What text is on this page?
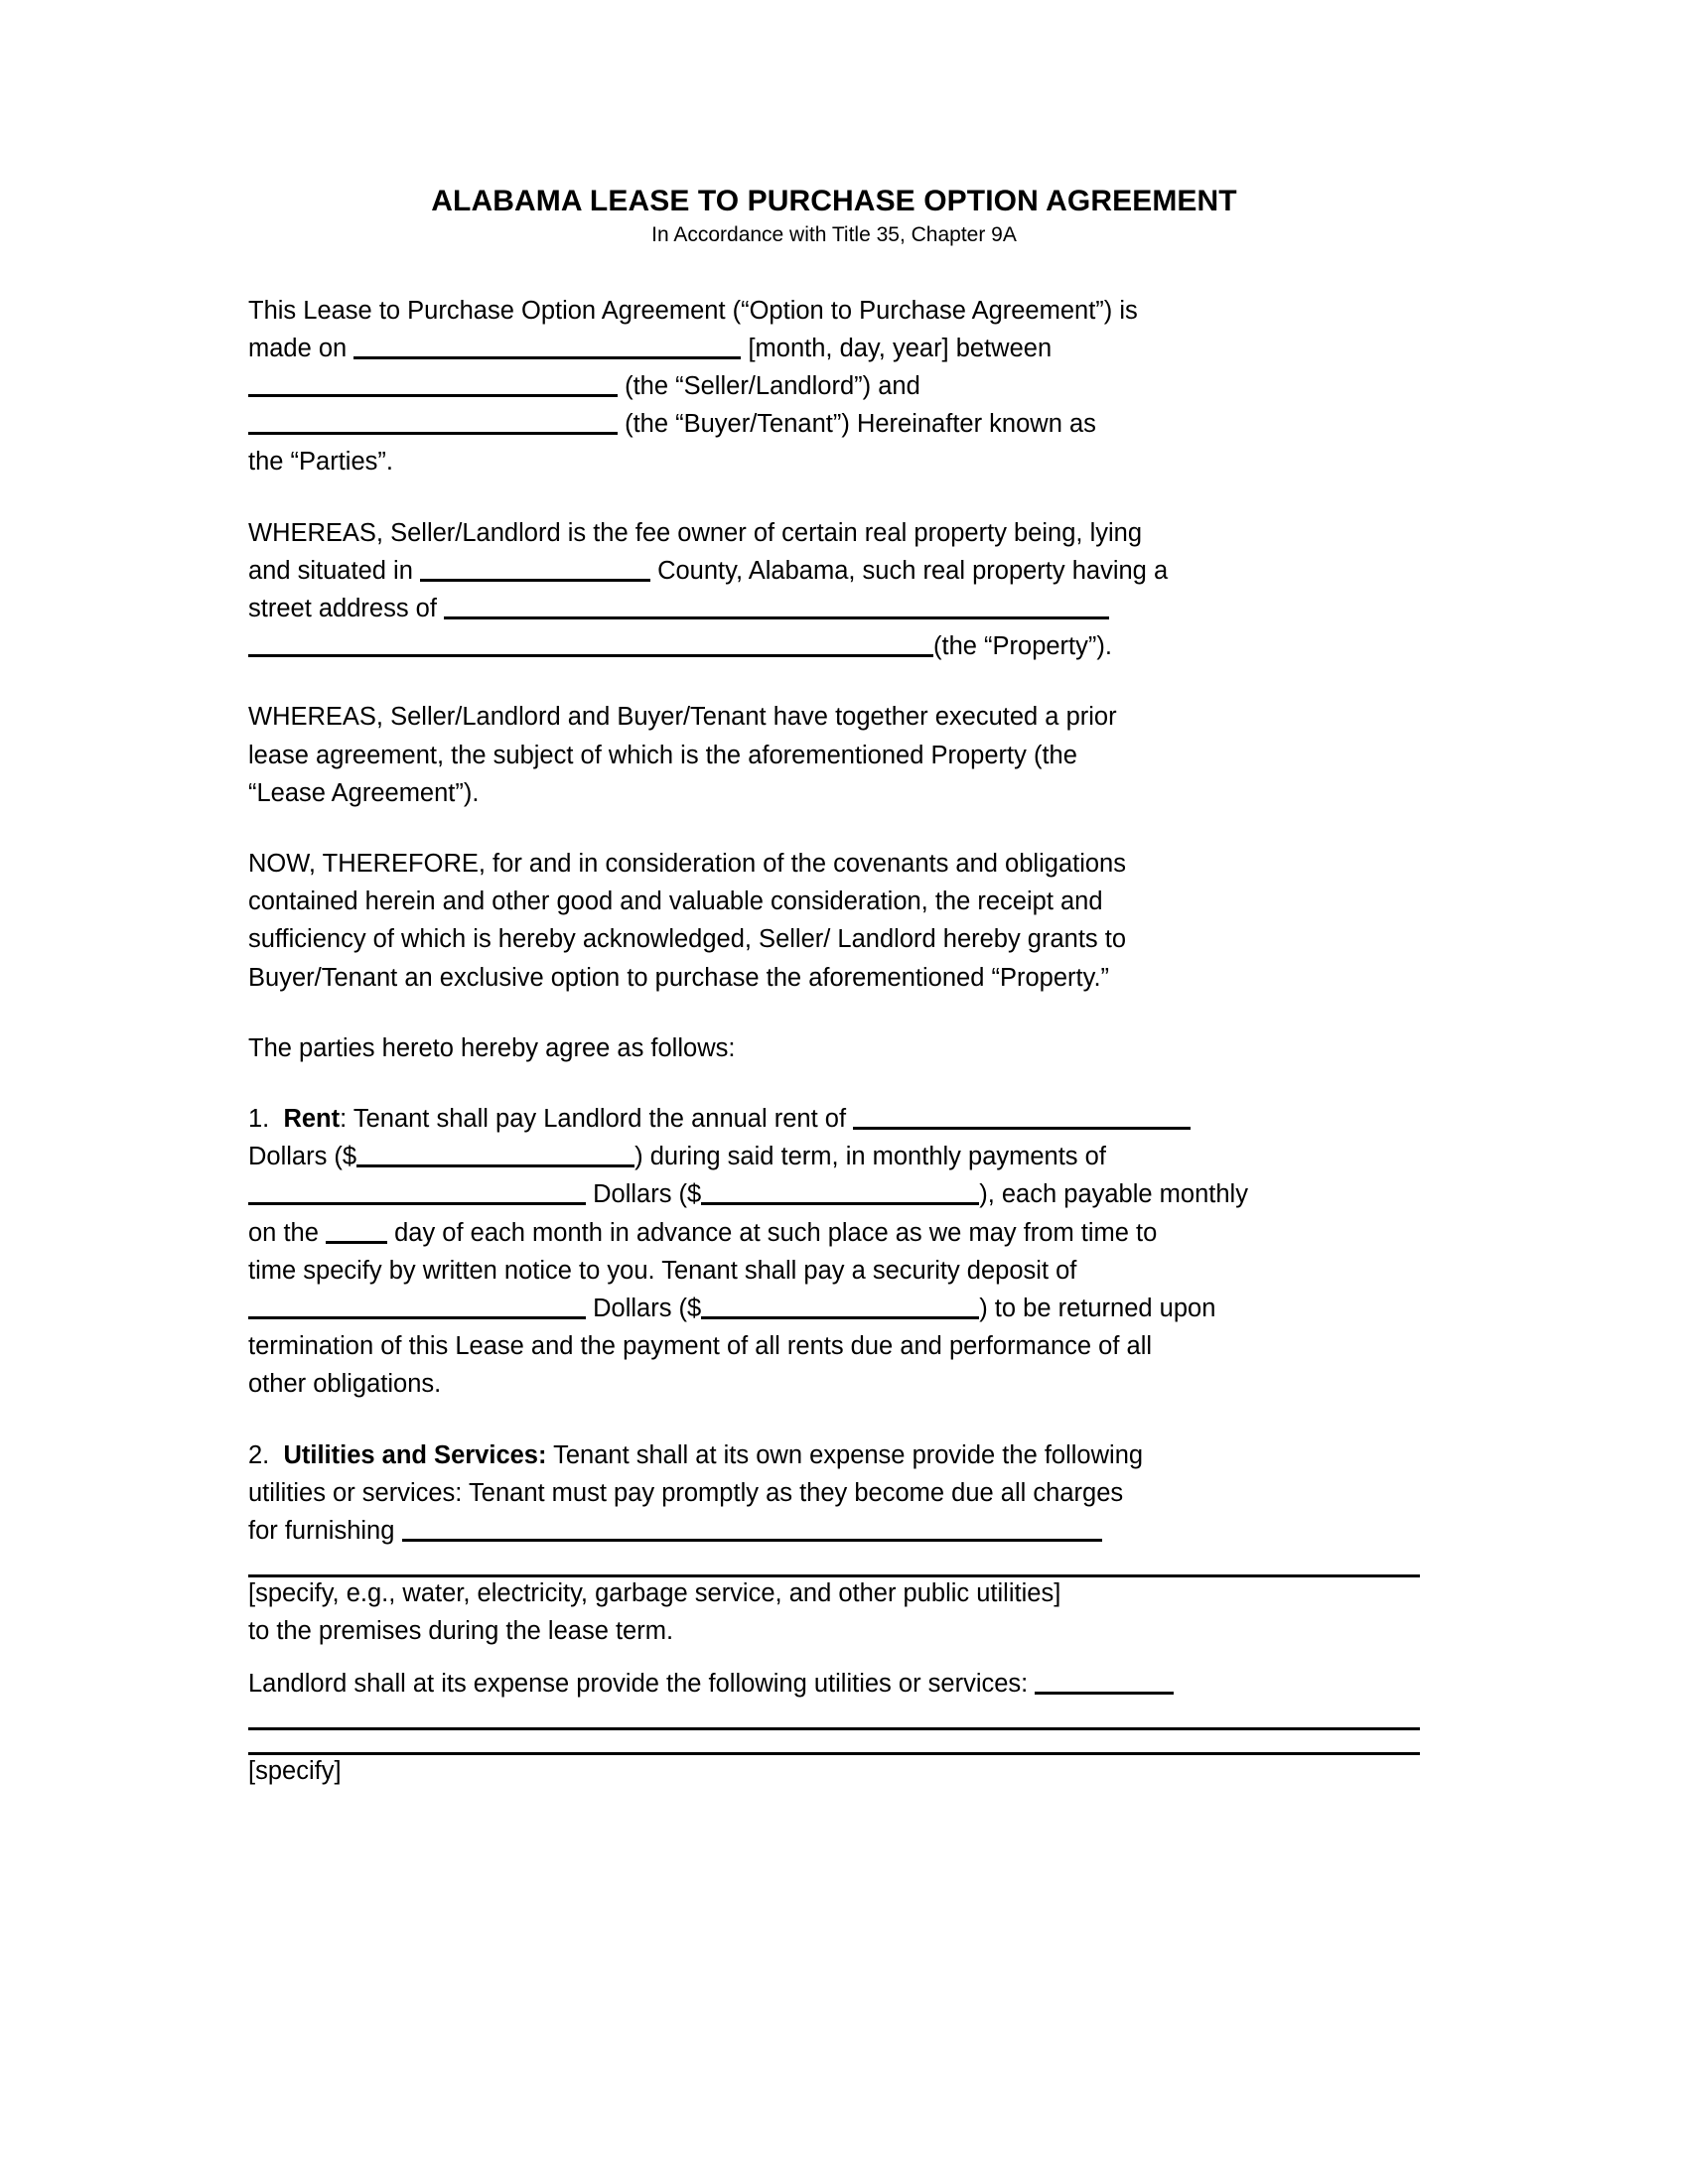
ALABAMA LEASE TO PURCHASE OPTION AGREEMENT
In Accordance with Title 35, Chapter 9A
This Lease to Purchase Option Agreement (“Option to Purchase Agreement”) is
made on	[month, day, year] between
(the “Seller/Landlord”) and
(the “Buyer/Tenant”) Hereinafter known as
the “Parties”.
WHEREAS, Seller/Landlord is the fee owner of certain real property being, lying
and situated in	County, Alabama, such real property having a
street address of
(the “Property”).
WHEREAS, Seller/Landlord and Buyer/Tenant have together executed a prior
lease agreement, the subject of which is the aforementioned Property (the
“Lease Agreement”).
NOW, THEREFORE, for and in consideration of the covenants and obligations
contained herein and other good and valuable consideration, the receipt and
sufficiency of which is hereby acknowledged, Seller/ Landlord hereby grants to
Buyer/Tenant an exclusive option to purchase the aforementioned “Property.”
The parties hereto hereby agree as follows:
1. Rent: Tenant shall pay Landlord the annual rent of
Dollars ($	) during said term, in monthly payments of
Dollars ($	), each payable monthly
on the	day of each month in advance at such place as we may from time to
time specify by written notice to you. Tenant shall pay a security deposit of
Dollars ($	) to be returned upon
termination of this Lease and the payment of all rents due and performance of all
other obligations.
2. Utilities and Services: Tenant shall at its own expense provide the following
utilities or services: Tenant must pay promptly as they become due all charges
for furnishing
[specify, e.g., water, electricity, garbage service, and other public utilities]
to the premises during the lease term.
Landlord shall at its expense provide the following utilities or services:
[specify]
